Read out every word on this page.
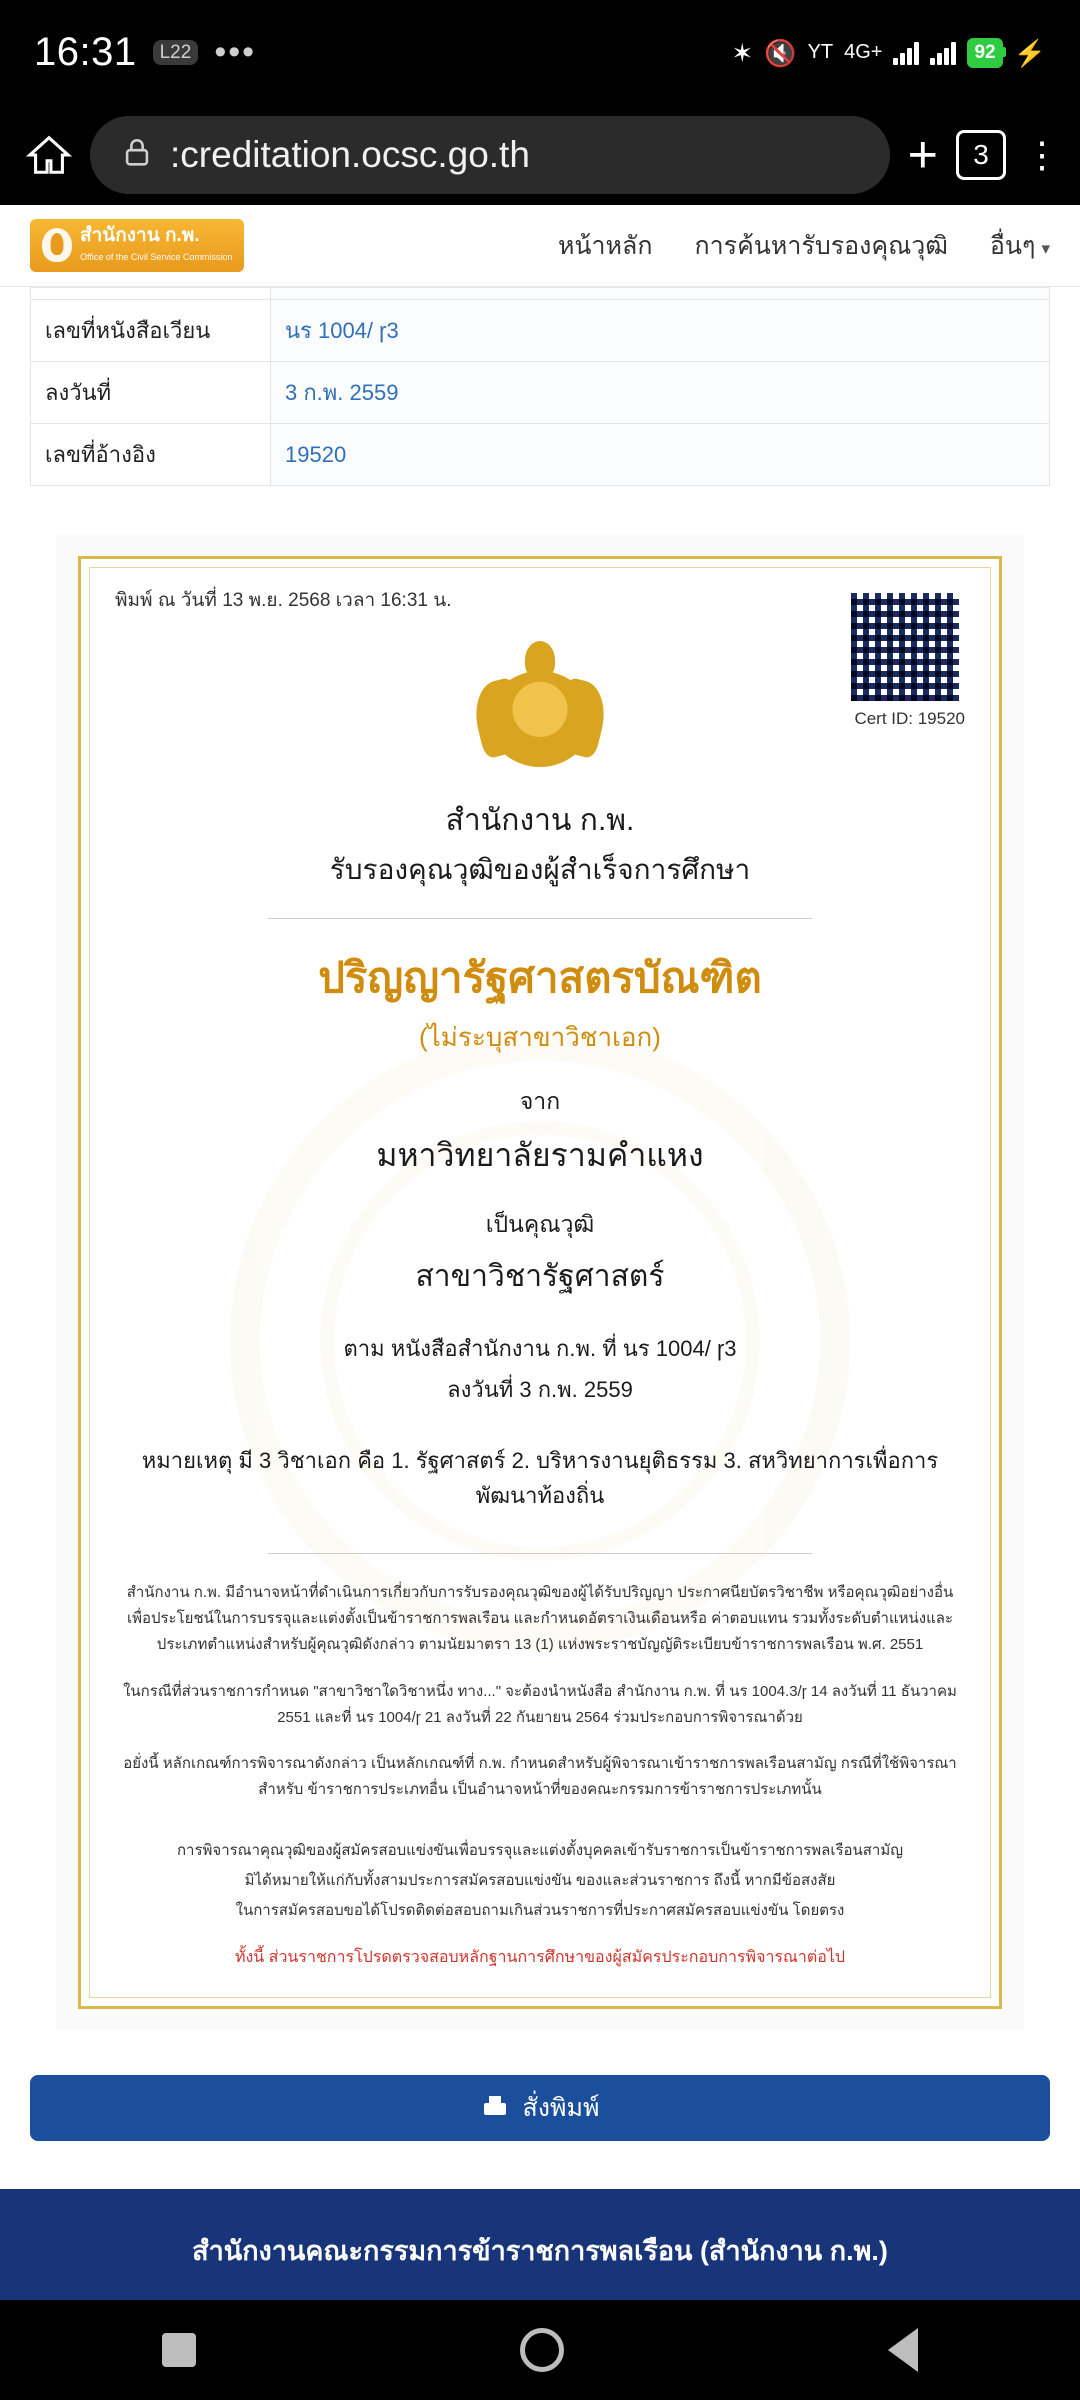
16:31	L22 •••	✶ 🔇 YT 4G+	92 ⚡
:creditation.ocsc.go.th	+	3 ⋮
สำนักงาน ก.พ.
Office of the Civil Service Commission	หน้าหลัก การค้นหารับรองคุณวุฒิ อื่นๆ ▾

เลขที่หนังสือเวียน	นร 1004/ ɼ3
ลงวันที่	3 ก.พ. 2559
เลขที่อ้างอิง	19520
พิมพ์ ณ วันที่ 13 พ.ย. 2568 เวลา 16:31 น.
Cert ID: 19520
สำนักงาน ก.พ.
รับรองคุณวุฒิของผู้สำเร็จการศึกษา
ปริญญารัฐศาสตรบัณฑิต
(ไม่ระบุสาขาวิชาเอก)
จาก
มหาวิทยาลัยรามคำแหง
เป็นคุณวุฒิ
สาขาวิชารัฐศาสตร์
ตาม หนังสือสำนักงาน ก.พ. ที่ นร 1004/ ɼ3
ลงวันที่ 3 ก.พ. 2559
หมายเหตุ มี 3 วิชาเอก คือ 1. รัฐศาสตร์ 2. บริหารงานยุติธรรม 3. สหวิทยาการเพื่อการพัฒนาท้องถิ่น

สำนักงาน ก.พ. มีอำนาจหน้าที่ดำเนินการเกี่ยวกับการรับรองคุณวุฒิของผู้ได้รับปริญญา ประกาศนียบัตรวิชาชีพ หรือคุณวุฒิอย่างอื่น เพื่อประโยชน์ในการบรรจุและแต่งตั้งเป็นข้าราชการพลเรือน และกำหนดอัตราเงินเดือนหรือ ค่าตอบแทน รวมทั้งระดับตำแหน่งและประเภทตำแหน่งสำหรับผู้คุณวุฒิดังกล่าว ตามนัยมาตรา 13 (1) แห่งพระราชบัญญัติระเบียบข้าราชการพลเรือน พ.ศ. 2551

ในกรณีที่ส่วนราชการกำหนด "สาขาวิชาใดวิชาหนึ่ง ทาง..." จะต้องนำหนังสือ สำนักงาน ก.พ. ที่ นร 1004.3/ɼ 14 ลงวันที่ 11 ธันวาคม 2551 และที่ นร 1004/ɼ 21 ลงวันที่ 22 กันยายน 2564 ร่วมประกอบการพิจารณาด้วย

อยั่งนี้ หลักเกณฑ์การพิจารณาดังกล่าว เป็นหลักเกณฑ์ที่ ก.พ. กำหนดสำหรับผู้พิจารณาเข้าราชการพลเรือนสามัญ กรณีที่ใช้พิจารณาสำหรับ ข้าราชการประเภทอื่น เป็นอำนาจหน้าที่ของคณะกรรมการข้าราชการประเภทนั้น

การพิจารณาคุณวุฒิของผู้สมัครสอบแข่งขันเพื่อบรรจุและแต่งตั้งบุคคลเข้ารับราชการเป็นข้าราชการพลเรือนสามัญ

มิได้หมายให้แก่กับทั้งสามประการสมัครสอบแข่งขัน ของและส่วนราชการ ถึงนี้ หากมีข้อสงสัย

ในการสมัครสอบขอได้โปรดติดต่อสอบถามเกินส่วนราชการที่ประกาศสมัครสอบแข่งขัน โดยตรง

ทั้งนี้ ส่วนราชการโปรดตรวจสอบหลักฐานการศึกษาของผู้สมัครประกอบการพิจารณาต่อไป
สั่งพิมพ์
สำนักงานคณะกรรมการข้าราชการพลเรือน (สำนักงาน ก.พ.)
